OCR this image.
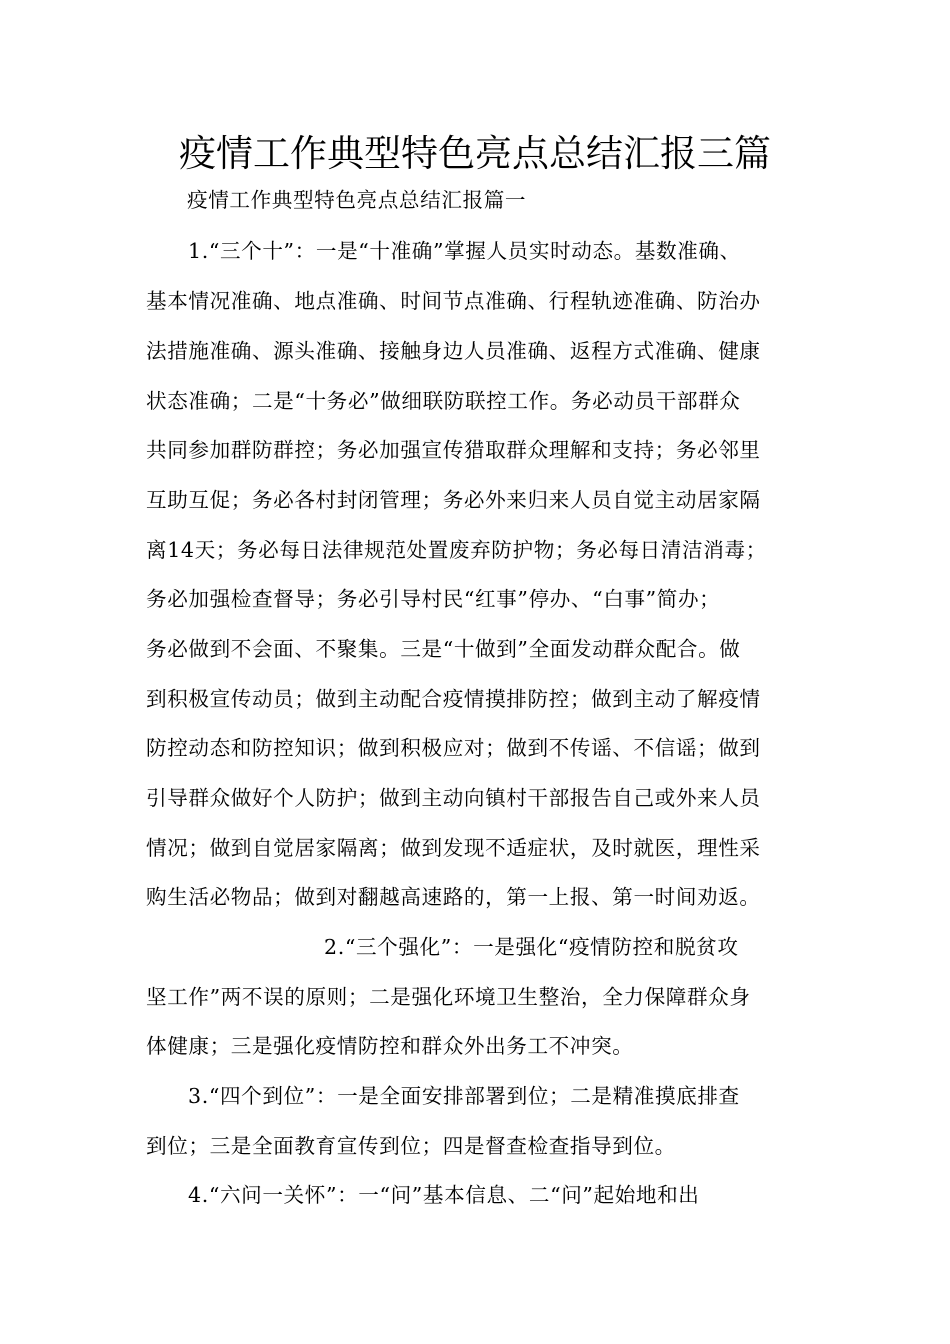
疫情工作典型特色亮点总结汇报三篇
疫情工作典型特色亮点总结汇报篇一
1.“三个十”：一是“十准确”掌握人员实时动态。基数准确、
基本情况准确、地点准确、时间节点准确、行程轨迹准确、防治办
法措施准确、源头准确、接触身边人员准确、返程方式准确、健康
状态准确；二是“十务必”做细联防联控工作。务必动员干部群众
共同参加群防群控；务必加强宣传猎取群众理解和支持；务必邻里
互助互促；务必各村封闭管理；务必外来归来人员自觉主动居家隔
离14天；务必每日法律规范处置废弃防护物；务必每日清洁消毒；
务必加强检查督导；务必引导村民“红事”停办、“白事”简办；
务必做到不会面、不聚集。三是“十做到”全面发动群众配合。做
到积极宣传动员；做到主动配合疫情摸排防控；做到主动了解疫情
防控动态和防控知识；做到积极应对；做到不传谣、不信谣；做到
引导群众做好个人防护；做到主动向镇村干部报告自己或外来人员
情况；做到自觉居家隔离；做到发现不适症状，及时就医，理性采
购生活必物品；做到对翻越高速路的，第一上报、第一时间劝返。
2.“三个强化”：一是强化“疫情防控和脱贫攻
坚工作”两不误的原则；二是强化环境卫生整治，全力保障群众身
体健康；三是强化疫情防控和群众外出务工不冲突。
3.“四个到位”：一是全面安排部署到位；二是精准摸底排查
到位；三是全面教育宣传到位；四是督查检查指导到位。
4.“六问一关怀”：一“问”基本信息、二“问”起始地和出
